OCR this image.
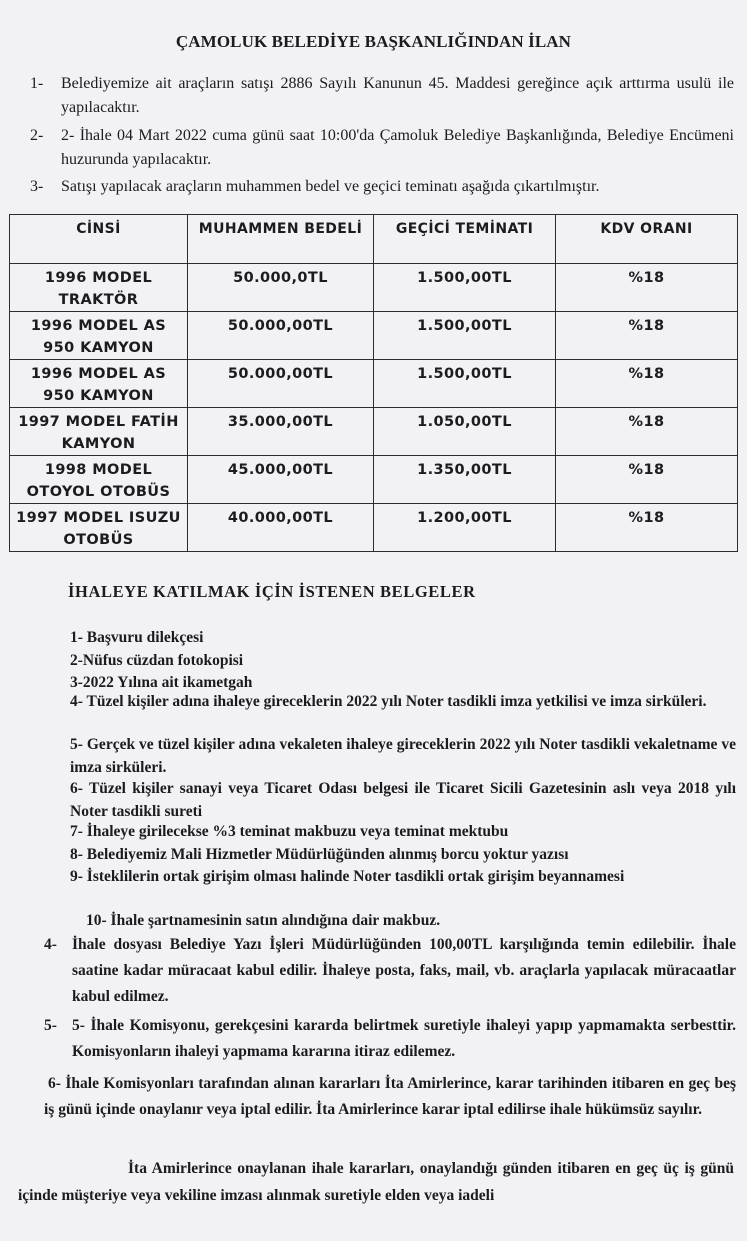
ÇAMOLUK BELEDİYE BAŞKANLIĞINDAN İLAN
1- Belediyemize ait araçların satışı 2886 Sayılı Kanunun 45. Maddesi gereğince açık arttırma usulü ile yapılacaktır.
2- 2- İhale 04 Mart 2022 cuma günü saat 10:00'da Çamoluk Belediye Başkanlığında, Belediye Encümeni huzurunda yapılacaktır.
3- Satışı yapılacak araçların muhammen bedel ve geçici teminatı aşağıda çıkartılmıştır.
CİNSİ	MUHAMMEN BEDELİ	GEÇİCİ TEMİNATI	KDV ORANI
1996 MODEL TRAKTÖR	50.000,0TL	1.500,00TL	%18
1996 MODEL AS 950 KAMYON	50.000,00TL	1.500,00TL	%18
1996 MODEL AS 950 KAMYON	50.000,00TL	1.500,00TL	%18
1997 MODEL FATİH KAMYON	35.000,00TL	1.050,00TL	%18
1998 MODEL OTOYOL OTOBÜS	45.000,00TL	1.350,00TL	%18
1997 MODEL ISUZU OTOBÜS	40.000,00TL	1.200,00TL	%18
İHALEYE KATILMAK İÇİN İSTENEN BELGELER
1- Başvuru dilekçesi
2-Nüfus cüzdan fotokopisi
3-2022 Yılına ait ikametgah
4- Tüzel kişiler adına ihaleye gireceklerin 2022 yılı Noter tasdikli imza yetkilisi ve imza sirküleri.
5- Gerçek ve tüzel kişiler adına vekaleten ihaleye gireceklerin 2022 yılı Noter tasdikli vekaletname ve imza sirküleri.
6- Tüzel kişiler sanayi veya Ticaret Odası belgesi ile Ticaret Sicili Gazetesinin aslı veya 2018 yılı Noter tasdikli sureti
7- İhaleye girilecekse %3 teminat makbuzu veya teminat mektubu
8- Belediyemiz Mali Hizmetler Müdürlüğünden alınmış borcu yoktur yazısı
9- İsteklilerin ortak girişim olması halinde Noter tasdikli ortak girişim beyannamesi
10- İhale şartnamesinin satın alındığına dair makbuz.
4- İhale dosyası Belediye Yazı İşleri Müdürlüğünden 100,00TL karşılığında temin edilebilir. İhale saatine kadar müracaat kabul edilir. İhaleye posta, faks, mail, vb. araçlarla yapılacak müracaatlar kabul edilmez.
5- 5- İhale Komisyonu, gerekçesini kararda belirtmek suretiyle ihaleyi yapıp yapmamakta serbesttir. Komisyonların ihaleyi yapmama kararına itiraz edilemez.
6- İhale Komisyonları tarafından alınan kararları İta Amirlerince, karar tarihinden itibaren en geç beş iş günü içinde onaylanır veya iptal edilir. İta Amirlerince karar iptal edilirse ihale hükümsüz sayılır.
İta Amirlerince onaylanan ihale kararları, onaylandığı günden itibaren en geç üç iş günü içinde müşteriye veya vekiline imzası alınmak suretiyle elden veya iadeli
